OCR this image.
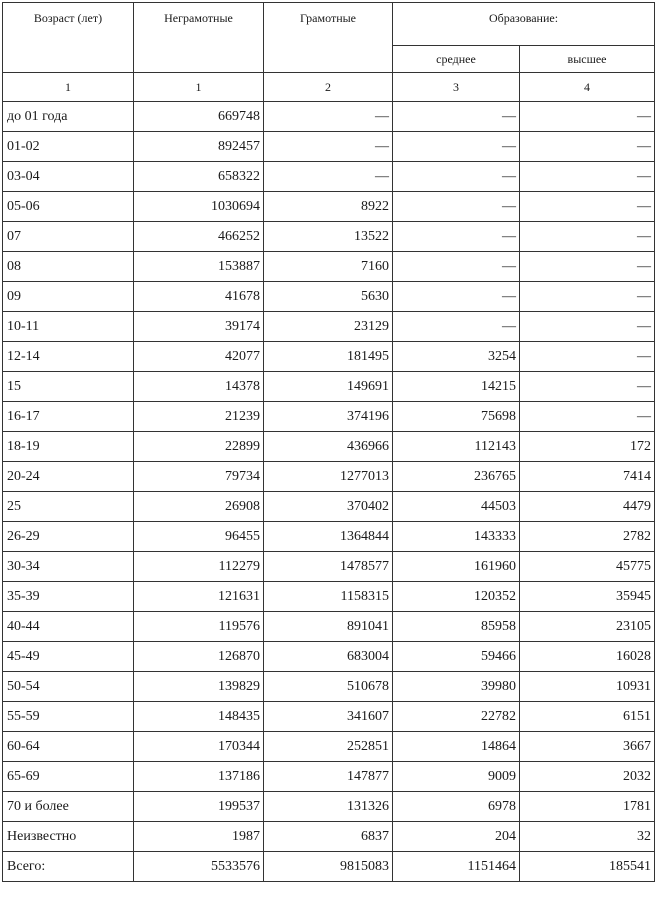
Возраст (лет)	Неграмотные	Грамотные	Образование:	
			среднее	высшее
1	1	2	3	4
до 01 года	669748	—	—	—
01-02	892457	—	—	—
03-04	658322	—	—	—
05-06	1030694	8922	—	—
07	466252	13522	—	—
08	153887	7160	—	—
09	41678	5630	—	—
10-11	39174	23129	—	—
12-14	42077	181495	3254	—
15	14378	149691	14215	—
16-17	21239	374196	75698	—
18-19	22899	436966	112143	172
20-24	79734	1277013	236765	7414
25	26908	370402	44503	4479
26-29	96455	1364844	143333	2782
30-34	112279	1478577	161960	45775
35-39	121631	1158315	120352	35945
40-44	119576	891041	85958	23105
45-49	126870	683004	59466	16028
50-54	139829	510678	39980	10931
55-59	148435	341607	22782	6151
60-64	170344	252851	14864	3667
65-69	137186	147877	9009	2032
70 и более	199537	131326	6978	1781
Неизвестно	1987	6837	204	32
Всего:	5533576	9815083	1151464	185541
